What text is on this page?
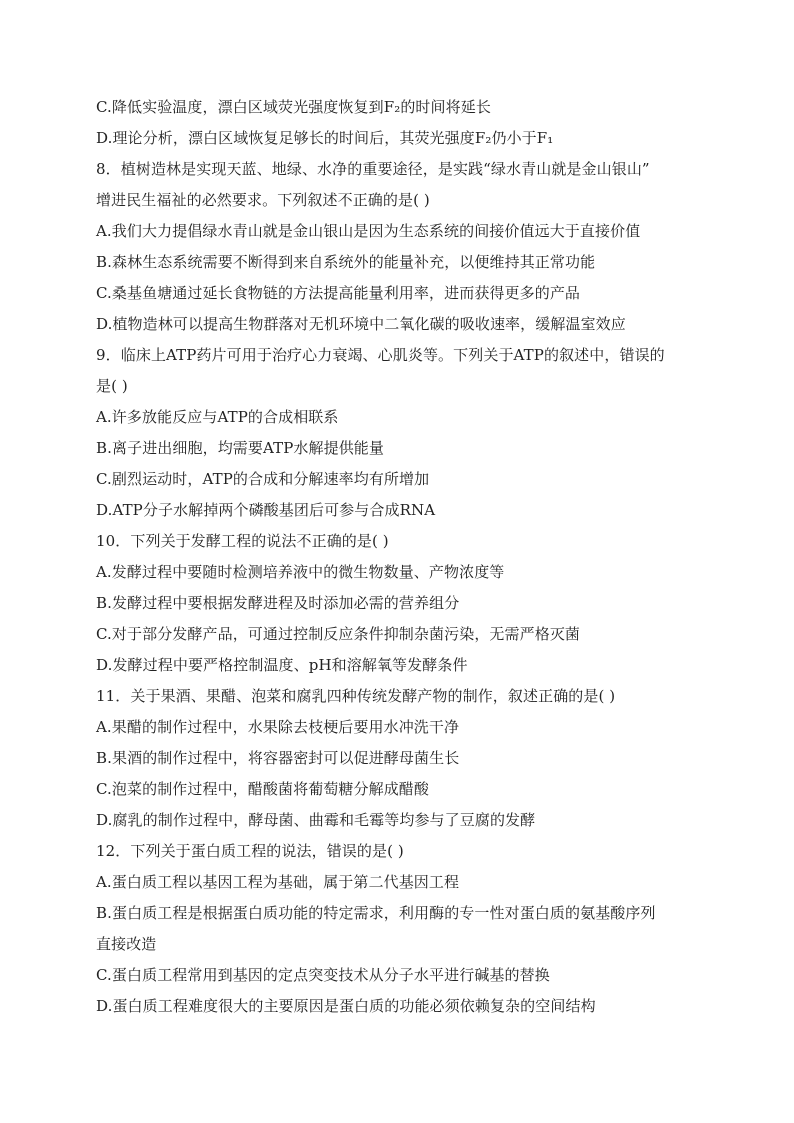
C.降低实验温度，漂白区域荧光强度恢复到F₂的时间将延长
D.理论分析，漂白区域恢复足够长的时间后，其荧光强度F₂仍小于F₁
8．植树造林是实现天蓝、地绿、水净的重要途径，是实践“绿水青山就是金山银山”
增进民生福祉的必然要求。下列叙述不正确的是( )
A.我们大力提倡绿水青山就是金山银山是因为生态系统的间接价值远大于直接价值
B.森林生态系统需要不断得到来自系统外的能量补充，以便维持其正常功能
C.桑基鱼塘通过延长食物链的方法提高能量利用率，进而获得更多的产品
D.植物造林可以提高生物群落对无机环境中二氧化碳的吸收速率，缓解温室效应
9．临床上ATP药片可用于治疗心力衰竭、心肌炎等。下列关于ATP的叙述中，错误的
是( )
A.许多放能反应与ATP的合成相联系
B.离子进出细胞，均需要ATP水解提供能量
C.剧烈运动时，ATP的合成和分解速率均有所增加
D.ATP分子水解掉两个磷酸基团后可参与合成RNA
10．下列关于发酵工程的说法不正确的是( )
A.发酵过程中要随时检测培养液中的微生物数量、产物浓度等
B.发酵过程中要根据发酵进程及时添加必需的营养组分
C.对于部分发酵产品，可通过控制反应条件抑制杂菌污染，无需严格灭菌
D.发酵过程中要严格控制温度、pH和溶解氧等发酵条件
11．关于果酒、果醋、泡菜和腐乳四种传统发酵产物的制作，叙述正确的是( )
A.果醋的制作过程中，水果除去枝梗后要用水冲洗干净
B.果酒的制作过程中，将容器密封可以促进酵母菌生长
C.泡菜的制作过程中，醋酸菌将葡萄糖分解成醋酸
D.腐乳的制作过程中，酵母菌、曲霉和毛霉等均参与了豆腐的发酵
12．下列关于蛋白质工程的说法，错误的是( )
A.蛋白质工程以基因工程为基础，属于第二代基因工程
B.蛋白质工程是根据蛋白质功能的特定需求，利用酶的专一性对蛋白质的氨基酸序列
直接改造
C.蛋白质工程常用到基因的定点突变技术从分子水平进行碱基的替换
D.蛋白质工程难度很大的主要原因是蛋白质的功能必须依赖复杂的空间结构
